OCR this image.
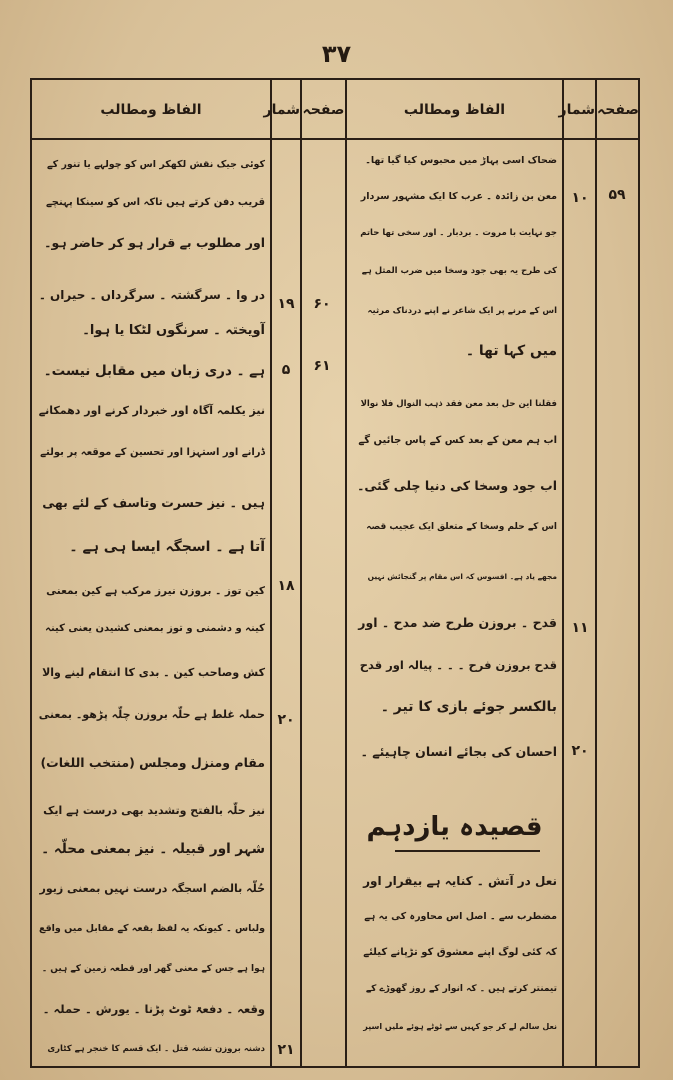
۳۷
صفحہ
شمار
الفاظ ومطالب
صفحہ
شمار
الفاظ ومطالب
۵۹
۱۰
۱۱
۲۰
ضحاک اسی پہاڑ میں محبوس کیا گیا تھا۔
معن بن زائدہ ۔ عرب کا ایک مشہور سردار
جو نہایت با مروت ۔ بردبار ۔ اور سخی تھا حاتم
کی طرح یہ بھی جود وسخا میں ضرب المثل ہے
اس کے مرنے پر ایک شاعر نے اپنے دردناک مرثیہ
میں کہا تھا ۔
فقلنا این حل بعد معن فقد ذہب النوال فلا نوالا
اب ہم معن کے بعد کس کے پاس جائیں گے
اب جود وسخا کی دنیا چلی گئی۔
اس کے حلم وسخا کے متعلق ایک عجیب قصہ
مجھے یاد ہے۔ افسوس کہ اس مقام پر گنجائش نہیں
قدح ۔ بروزن طرح ضد مدح ۔ اور
قدح بروزن فرح ۔ ۔ ۔ پیالہ اور قدح
بالکسر جوئے بازی کا تیر ۔
احسان کی بجائے انسان چاہیئے ۔
قصیدہ یازدہم
نعل در آتش ۔ کنایہ ہے بیقرار اور
مضطرب سے ۔ اصل اس محاورہ کی یہ ہے
کہ کئی لوگ اپنے معشوق کو تڑپانے کیلئے
تیمنتر کرتے ہیں ۔ کہ انوار کے روز گھوڑے کے
نعل سالم لے کر جو کہیں سے ٹوٹے ہوئے ملیں اسپر
۶۰
۶۱
۱۹
۵
۱۸
۲۰
۲۱
کوئی جیک نقش لکھکر اس کو چولہے یا تنور کے
قریب دفن کرتے ہیں تاکہ اس کو سینکا پہنچے
اور مطلوب بے قرار ہو کر حاضر ہو۔
در وا ۔ سرگشتہ ۔ سرگرداں ۔ حیراں ۔
آویختہ ۔ سرنگوں لٹکا یا ہوا۔
ہے ۔ دری زبان میں مقابل نیست۔
نیز یکلمہ آگاہ اور خبردار کرنے اور دھمکانے
ڈرانے اور استہزا اور تحسین کے موقعہ پر بولتے
ہیں ۔ نیز حسرت وتاسف کے لئے بھی
آتا ہے ۔ اسجگہ ایسا ہی ہے ۔
کین توز ۔ بروزن نیرز مرکب ہے کین بمعنی
کینہ و دشمنی و توز بمعنی کشیدن یعنی کینہ
کش وصاحب کین ۔ بدی کا انتقام لینے والا
حملہ غلط ہے حلّہ بروزن چلّہ پڑھو۔ بمعنی
مقام ومنزل ومجلس (منتخب اللغات)
نیز حلّہ بالفتح وتشدید بھی درست ہے ایک
شہر اور قبیلہ ۔ نیز بمعنی محلّہ ۔
حُلّہ بالضم اسجگہ درست نہیں بمعنی زیور
ولباس ۔ کیونکہ یہ لفظ بقعہ کے مقابل میں واقع
ہوا ہے جس کے معنی گھر اور قطعہ زمین کے ہیں ۔
وقعہ ۔ دفعۃ ٹوٹ پڑنا ۔ یورش ۔ حملہ ۔
دشنہ بروزن تشنہ قتل ۔ ایک قسم کا خنجر ہے کٹاری
